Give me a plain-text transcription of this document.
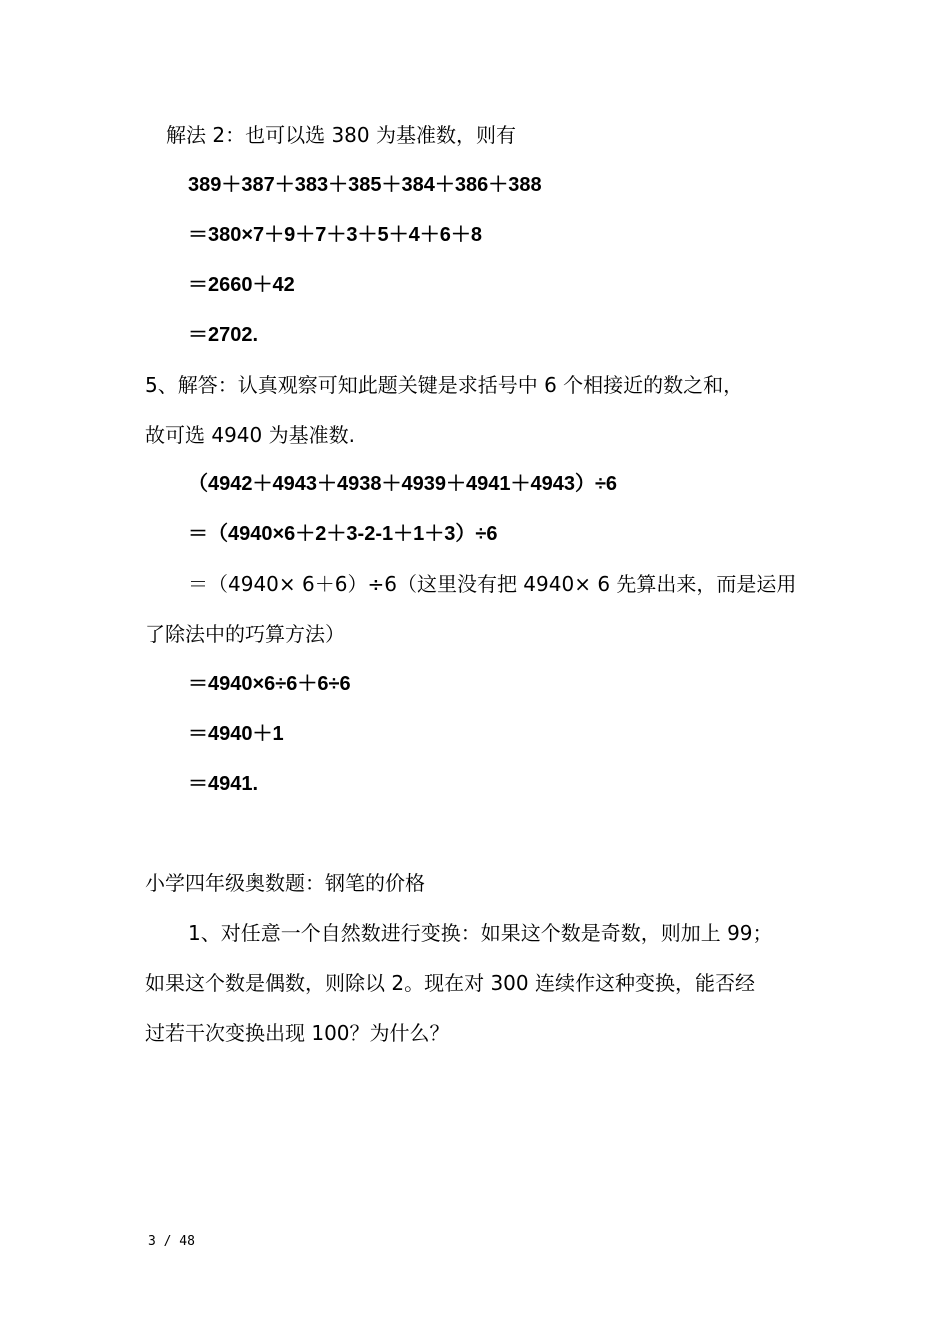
解法 2：也可以选 380 为基准数，则有
389＋387＋383＋385＋384＋386＋388
＝380×7＋9＋7＋3＋5＋4＋6＋8
＝2660＋42
＝2702.
5、解答：认真观察可知此题关键是求括号中 6 个相接近的数之和，
故可选 4940 为基准数.
（4942＋4943＋4938＋4939＋4941＋4943）÷6
＝（4940×6＋2＋3-2-1＋1＋3）÷6
＝（4940× 6＋6）÷6（这里没有把 4940× 6 先算出来，而是运用
了除法中的巧算方法）
＝4940×6÷6＋6÷6
＝4940＋1
＝4941.
小学四年级奥数题：钢笔的价格
1、对任意一个自然数进行变换：如果这个数是奇数，则加上 99；
如果这个数是偶数，则除以 2。现在对 300 连续作这种变换，能否经
过若干次变换出现 100？为什么？
3 / 48
